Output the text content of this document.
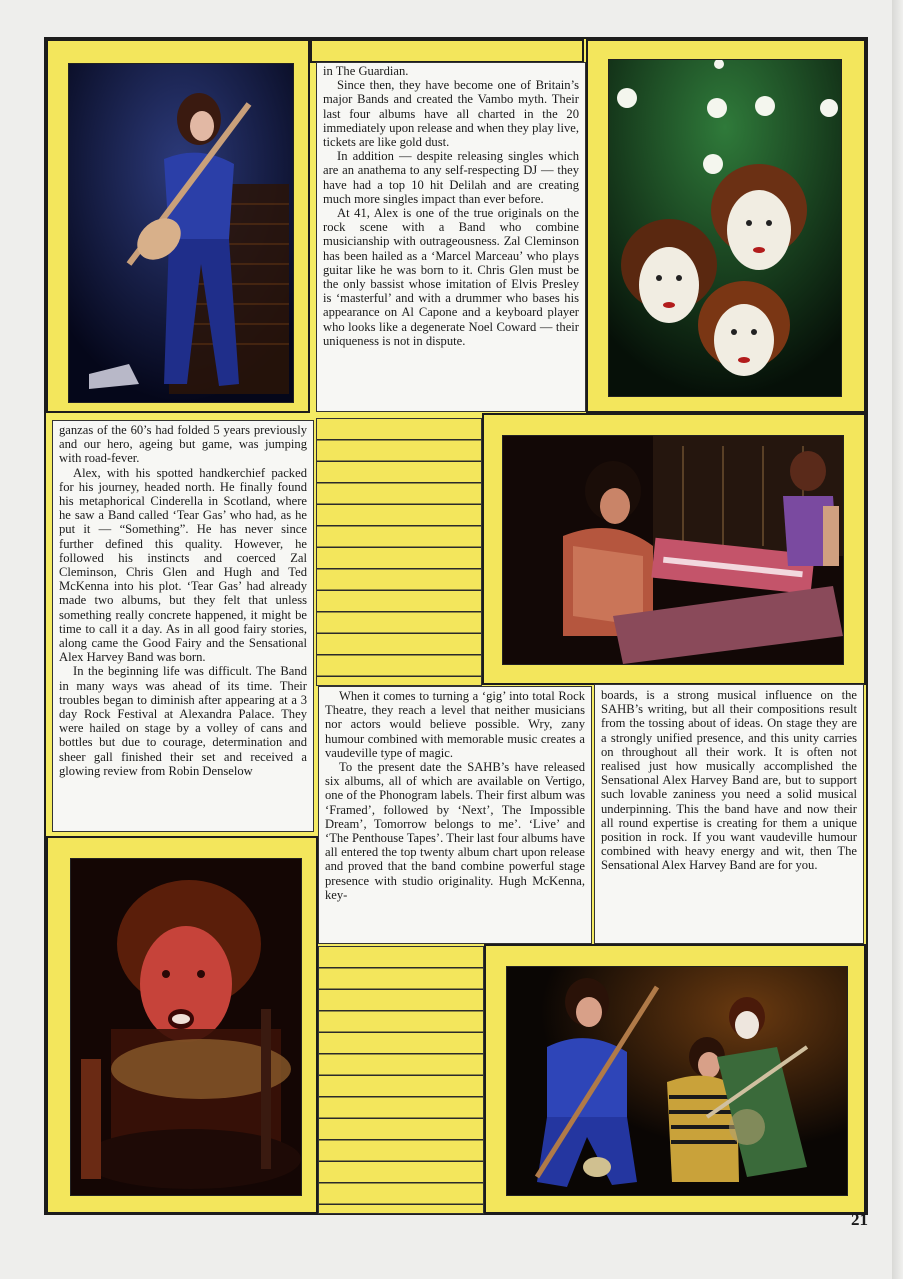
in The Guardian.

Since then, they have become one of Britain’s major Bands and created the Vambo myth. Their last four albums have all charted in the 20 immediately upon release and when they play live, tickets are like gold dust.

In addition — despite releasing singles which are an anathema to any self-respecting DJ — they have had a top 10 hit Delilah and are creating much more singles impact than ever before.

At 41, Alex is one of the true originals on the rock scene with a Band who combine musicianship with outrageousness. Zal Cleminson has been hailed as a ‘Marcel Marceau’ who plays guitar like he was born to it. Chris Glen must be the only bassist whose imitation of Elvis Presley is ‘masterful’ and with a drummer who bases his appearance on Al Capone and a keyboard player who looks like a degenerate Noel Coward — their uniqueness is not in dispute.

ganzas of the 60’s had folded 5 years previously and our hero, ageing but game, was jumping with road-fever.

Alex, with his spotted handkerchief packed for his journey, headed north. He finally found his metaphorical Cinderella in Scotland, where he saw a Band called ‘Tear Gas’ who had, as he put it — “Something”. He has never since further defined this quality. However, he followed his instincts and coerced Zal Cleminson, Chris Glen and Hugh and Ted McKenna into his plot. ‘Tear Gas’ had already made two albums, but they felt that unless something really concrete happened, it might be time to call it a day. As in all good fairy stories, along came the Good Fairy and the Sensational Alex Harvey Band was born.

In the beginning life was difficult. The Band in many ways was ahead of its time. Their troubles began to diminish after appearing at a 3 day Rock Festival at Alexandra Palace. They were hailed on stage by a volley of cans and bottles but due to courage, determination and sheer gall finished their set and received a glowing review from Robin Denselow

When it comes to turning a ‘gig’ into total Rock Theatre, they reach a level that neither musicians nor actors would believe possible. Wry, zany humour combined with memorable music creates a vaudeville type of magic.

To the present date the SAHB’s have released six albums, all of which are available on Vertigo, one of the Phonogram labels. Their first album was ‘Framed’, followed by ‘Next’, The Impossible Dream’, Tomorrow belongs to me’. ‘Live’ and ‘The Penthouse Tapes’. Their last four albums have all entered the top twenty album chart upon release and proved that the band combine powerful stage presence with studio originality. Hugh McKenna, key-

boards, is a strong musical influence on the SAHB’s writing, but all their compositions result from the tossing about of ideas. On stage they are a strongly unified presence, and this unity carries on throughout all their work. It is often not realised just how musically accomplished the Sensational Alex Harvey Band are, but to support such lovable zaniness you need a solid musical underpinning. This the band have and now their all round expertise is creating for them a unique position in rock. If you want vaudeville humour combined with heavy energy and wit, then The Sensational Alex Harvey Band are for you.

21
